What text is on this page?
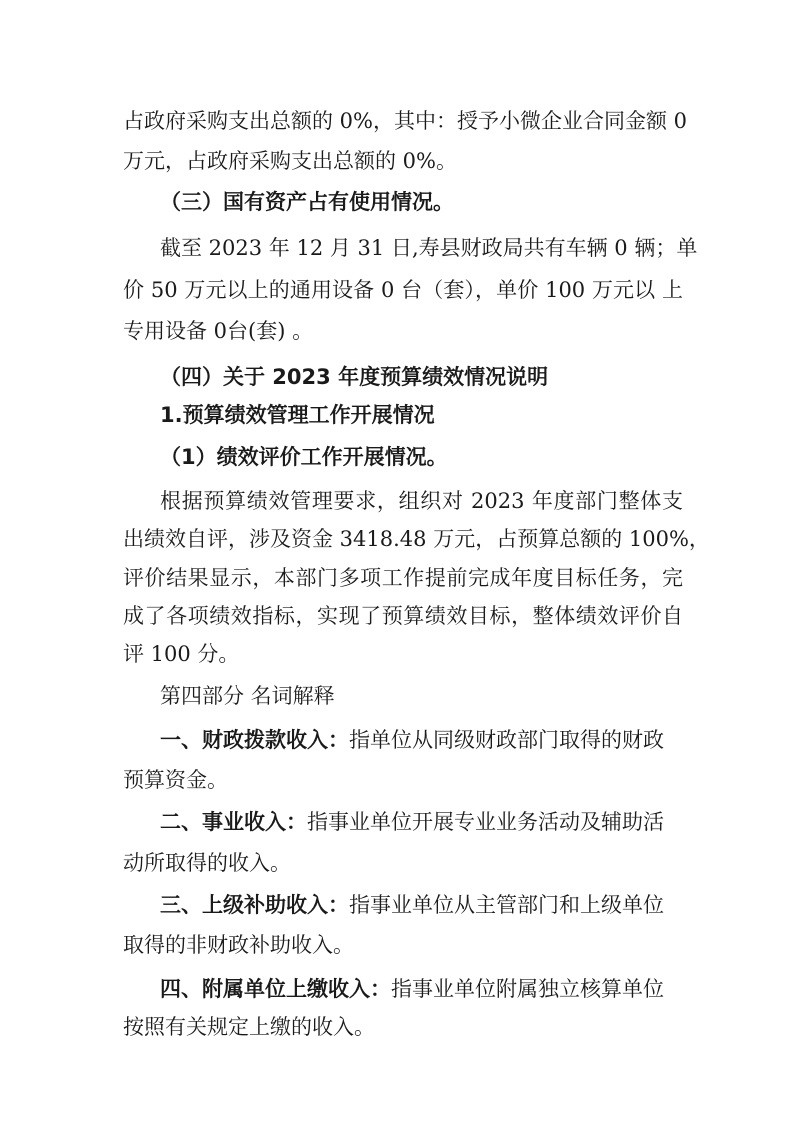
占政府采购支出总额的 0%，其中：授予小微企业合同金额 0
万元，占政府采购支出总额的 0%。
（三）国有资产占有使用情况。
截至 2023 年 12 月 31 日,寿县财政局共有车辆 0 辆；单
价 50 万元以上的通用设备 0 台（套），单价 100 万元以 上
专用设备 0台(套) 。
（四）关于 2023 年度预算绩效情况说明
1.预算绩效管理工作开展情况
（1）绩效评价工作开展情况。
根据预算绩效管理要求，组织对 2023 年度部门整体支
出绩效自评，涉及资金 3418.48 万元，占预算总额的 100%，
评价结果显示，本部门多项工作提前完成年度目标任务，完
成了各项绩效指标，实现了预算绩效目标，整体绩效评价自
评 100 分。
第四部分 名词解释
一、财政拨款收入：指单位从同级财政部门取得的财政
预算资金。
二、事业收入：指事业单位开展专业业务活动及辅助活
动所取得的收入。
三、上级补助收入：指事业单位从主管部门和上级单位
取得的非财政补助收入。
四、附属单位上缴收入：指事业单位附属独立核算单位
按照有关规定上缴的收入。
